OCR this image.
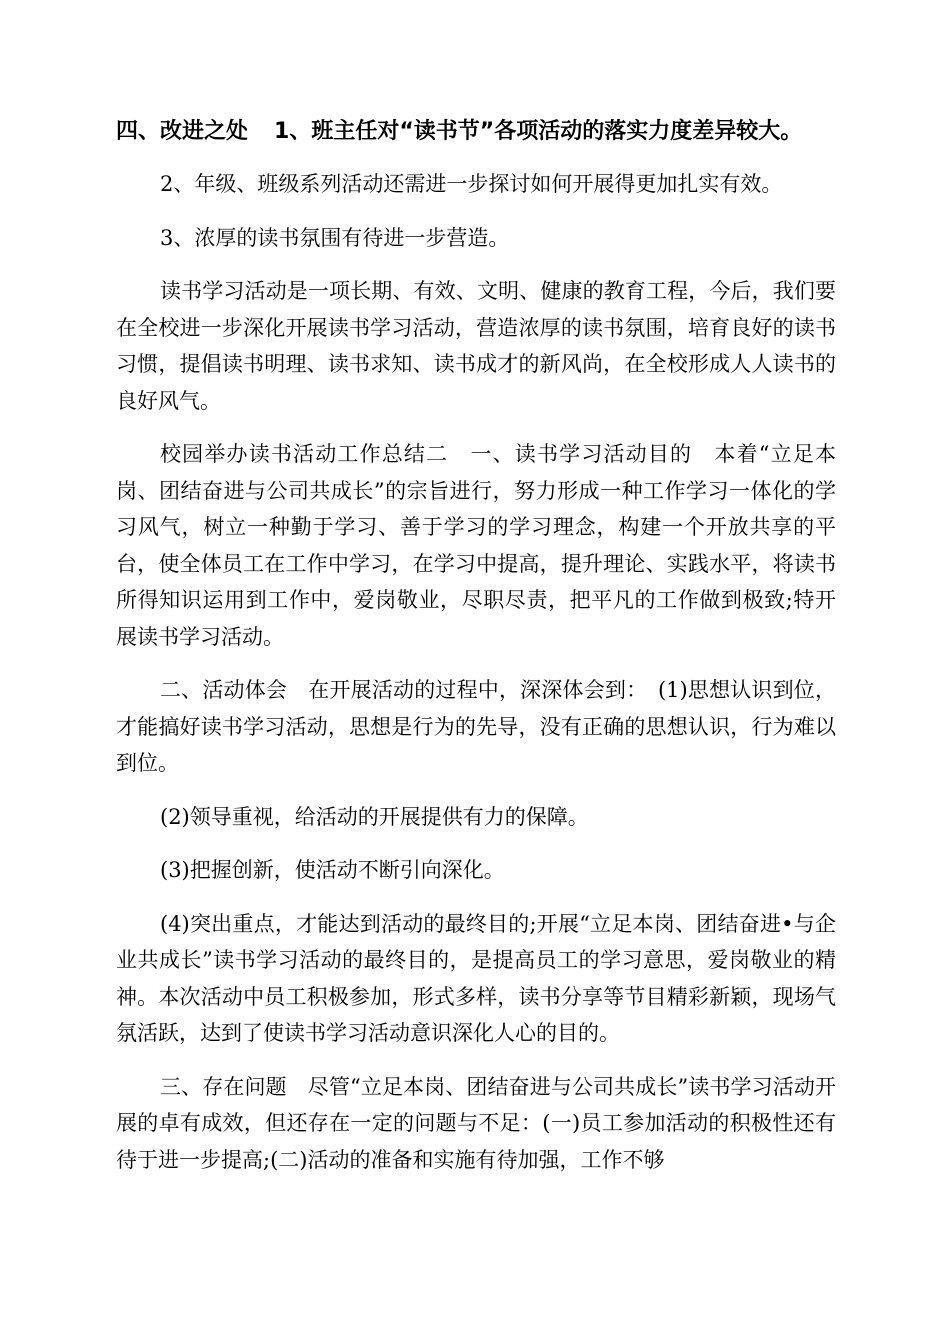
四、改进之处 1、班主任对“读书节”各项活动的落实力度差异较大。

2、年级、班级系列活动还需进一步探讨如何开展得更加扎实有效。

3、浓厚的读书氛围有待进一步营造。

读书学习活动是一项长期、有效、文明、健康的教育工程，今后，我们要在全校进一步深化开展读书学习活动，营造浓厚的读书氛围，培育良好的读书习惯，提倡读书明理、读书求知、读书成才的新风尚，在全校形成人人读书的良好风气。

校园举办读书活动工作总结二　一、读书学习活动目的　本着“立足本岗、团结奋进与公司共成长”的宗旨进行，努力形成一种工作学习一体化的学习风气，树立一种勤于学习、善于学习的学习理念，构建一个开放共享的平台，使全体员工在工作中学习，在学习中提高，提升理论、实践水平，将读书所得知识运用到工作中，爱岗敬业，尽职尽责，把平凡的工作做到极致;特开展读书学习活动。

二、活动体会　在开展活动的过程中，深深体会到：　(1)思想认识到位，才能搞好读书学习活动，思想是行为的先导，没有正确的思想认识，行为难以到位。

(2)领导重视，给活动的开展提供有力的保障。

(3)把握创新，使活动不断引向深化。

(4)突出重点，才能达到活动的最终目的;开展“立足本岗、团结奋进•与企业共成长”读书学习活动的最终目的，是提高员工的学习意思，爱岗敬业的精神。本次活动中员工积极参加，形式多样，读书分享等节目精彩新颖，现场气氛活跃，达到了使读书学习活动意识深化人心的目的。

三、存在问题　尽管“立足本岗、团结奋进与公司共成长”读书学习活动开展的卓有成效，但还存在一定的问题与不足：(一)员工参加活动的积极性还有待于进一步提高;(二)活动的准备和实施有待加强，工作不够
